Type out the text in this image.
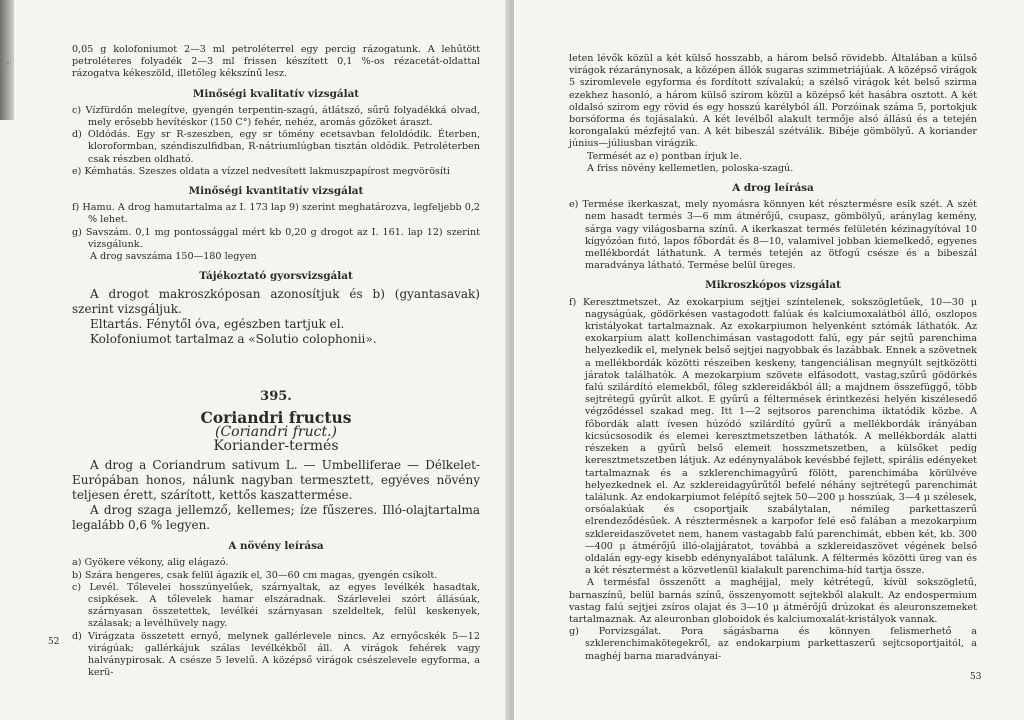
ᵃ

0,05 g kolofoniumot 2—3 ml petroléterrel egy percig rázogatunk. A lehűtött petroléteres folyadék 2—3 ml frissen készített 0,1 %-os rézacetát-oldattal rázogatva kékeszöld, illetőleg kékszínű lesz.

Minőségi kvalitatív vizsgálat

c) Vízfürdőn melegítve, gyengén terpentin-szagú, átlátszó, sűrű folyadékká olvad, mely erősebb hevítéskor (150 C°) fehér, nehéz, aromás gőzöket áraszt.

d) Oldódás. Egy sr R-szeszben, egy sr tömény ecetsavban feloldódik. Éterben, kloroformban, széndiszulfidban, R-nátriumlúgban tisztán oldódik. Petroléterben csak részben oldható.

e) Kémhatás. Szeszes oldata a vízzel nedvesített lakmuszpapírost megvörösíti

Minőségi kvantitatív vizsgálat

f) Hamu. A drog hamutartalma az I. 173 lap 9) szerint meghatározva, legfeljebb 0,2 % lehet.

g) Savszám. 0,1 mg pontossággal mért kb 0,20 g drogot az I. 161. lap 12) szerint vizsgálunk.

A drog savszáma 150—180 legyen

Tájékoztató gyorsvizsgálat

A drogot makroszkóposan azonosítjuk és b) (gyantasavak) szerint vizsgáljuk.

Eltartás. Fénytől óva, egészben tartjuk el.

Kolofoniumot tartalmaz a «Solutio colophonii».

395.
Coriandri fructus
(Coriandri fruct.)
Koriander-termés

A drog a Coriandrum sativum L. — Umbelliferae — Délkelet-Európában honos, nálunk nagyban termesztett, egyéves növény teljesen érett, szárított, kettős kaszattermése.

A drog szaga jellemző, kellemes; íze fűszeres. Illó-olajtartalma legalább 0,6 % legyen.

A növény leírása

a) Gyökere vékony, alig elágazó.

b) Szára hengeres, csak felül ágazik el, 30—60 cm magas, gyengén csíkolt.

c) Levél. Tőlevelei hosszúnyelűek, szárnyaltak, az egyes levélkék hasadtak, csipkések. A tőlevelek hamar elszáradnak. Szárlevelei szórt állásúak, szárnyasan összetettek, levélkéi szárnyasan szeldeltek, felül keskenyek, szálasak; a levélhüvely nagy.

d) Virágzata összetett ernyő, melynek gallérlevele nincs. Az ernyőcskék 5—12 virágúak; gallérkájuk szálas levélkékből áll. A virágok fehérek vagy halványpirosak. A csésze 5 levelű. A középső virágok csészelevele egyforma, a kerü-

52

leten lévők közül a két külső hosszabb, a három belső rövidebb. Általában a külső virágok rézaránynosak, a középen állók sugaras szimmetriájúak. A középső virágok 5 sziromlevele egyforma és fordított szívalakú; a szélső virágok két belső szirma ezekhez hasonló, a három külső szirom közül a középső két hasábra osztott. A két oldalsó szirom egy rövid és egy hosszú karélyból áll. Porzóinak száma 5, portokjuk borsóforma és tojásalakú. A két levélből alakult termője alsó állású és a tetején korongalakú mézfejtő van. A két bibeszál szétválik. Bibéje gömbölyű. A koriander június—júliusban virágzik.

Termését az e) pontban írjuk le.

A friss növény kellemetlen, poloska-szagú.

A drog leírása

e) Termése ikerkaszat, mely nyomásra könnyen két résztermésre esik szét. A szét nem hasadt termés 3—6 mm átmérőjű, csupasz, gömbölyű, aránylag kemény, sárga vagy világosbarna színű. A ikerkaszat termés felületén kézinagyítóval 10 kígyózóan futó, lapos főbordát és 8—10, valamivel jobban kiemelkedő, egyenes mellékbordát láthatunk. A termés tetején az ötfogú csésze és a bibeszál maradványa látható. Termése belül üreges.

Mikroszkópos vizsgálat

f) Keresztmetszet. Az exokarpium sejtjei színtelenek, sokszögletűek, 10—30 μ nagyságúak, gödörkésen vastagodott falúak és kalciumoxalátból álló, oszlopos kristályokat tartalmaznak. Az exokarpiumon helyenként sztómák láthatók. Az exokarpium alatt kollenchimásan vastagodott falú, egy pár sejtű parenchima helyezkedik el, melynek belső sejtjei nagyobbak és lazábbak. Ennek a szövetnek a mellékbordák közötti részeiben keskeny, tangenciálisan megnyúlt sejtközötti járatok találhatók. A mezokarpium szövete elfásodott, vastag,szűrű gödörkés falú szilárdító elemekből, főleg szklereidákból áll; a majdnem összefüggő, több sejtrétegű gyűrűt alkot. E gyűrű a féltermések érintkezési helyén kiszélesedő végződéssel szakad meg. Itt 1—2 sejtsoros parenchima iktatódik közbe. A főbordák alatt ívesen húzódó szilárdító gyűrű a mellékbordák irányában kicsúcsosodik és elemei keresztmetszetben láthatók. A mellékbordák alatti részeken a gyűrű belső elemeit hosszmetszetben, a külsőket pedig keresztmetszetben látjuk. Az edénynyalábok kevésbbé fejlett, spirális edényeket tartalmaznak és a szklerenchimagyűrű fölött, parenchimába körülvéve helyezkednek el. Az szklereidagyűrűtől befelé néhány sejtrétegű parenchimát találunk. Az endokarpiumot felépítő sejtek 50—200 μ hosszúak, 3—4 μ szélesek, orsóalakúak és csoportjaik szabálytalan, némileg parkettaszerű elrendeződésűek. A résztermésnek a karpofor felé eső falában a mezokarpium szklereidaszövetet nem, hanem vastagabb falú parenchimát, ebben két, kb. 300—400 μ átmérőjű illó-olajjáratot, továbbá a szklereidaszövet végének belső oldalán egy-egy kisebb edénynyalábot találunk. A féltermés közötti üreg van és a két résztermést a közvetlenül kialakult parenchima-híd tartja össze.

A termésfal összenőtt a maghéjjal, mely kétrétegű, kívül sokszögletű, barnaszínű, belül barnás színű, összenyomott sejtekből alakult. Az endospermium vastag falú sejtjei zsíros olajat és 3—10 μ átmérőjű drúzokat és aleuronszemeket tartalmaznak. Az aleuronban globoidok és kalciumoxalát-kristályok vannak.

g) Porvizsgálat. Pora ságásbarna és könnyen felismerhető a szklerenchimakötegekről, az endokarpium parkettaszerű sejtcsoportjaitól, a maghéj barna maradványai-

53
